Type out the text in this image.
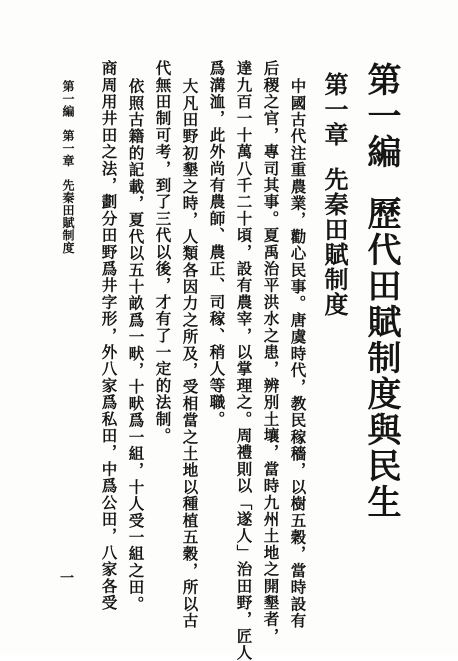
第一編歷代田賦制度與民生
第一章先秦田賦制度
中國古代注重農業，勸心民事。唐虞時代，教民稼穡，以樹五穀，當時設有
后稷之官，專司其事。夏禹治平洪水之患，辨別土壤，當時九州土地之開墾者，
達九百一十萬八千二十頃，設有農宰，以掌理之。周禮則以「遂人」治田野，匠人
爲溝洫，此外尚有農師、農正、司稼、稍人等職。
大凡田野初墾之時，人類各因力之所及，受相當之土地以種植五穀，所以古
代無田制可考，到了三代以後，才有了一定的法制。
依照古籍的記載，夏代以五十畝爲一畎，十畎爲一組，十人受一組之田。
商周用井田之法，劃分田野爲井字形，外八家爲私田，中爲公田，八家各受
第一編第一章先秦田賦制度
一
